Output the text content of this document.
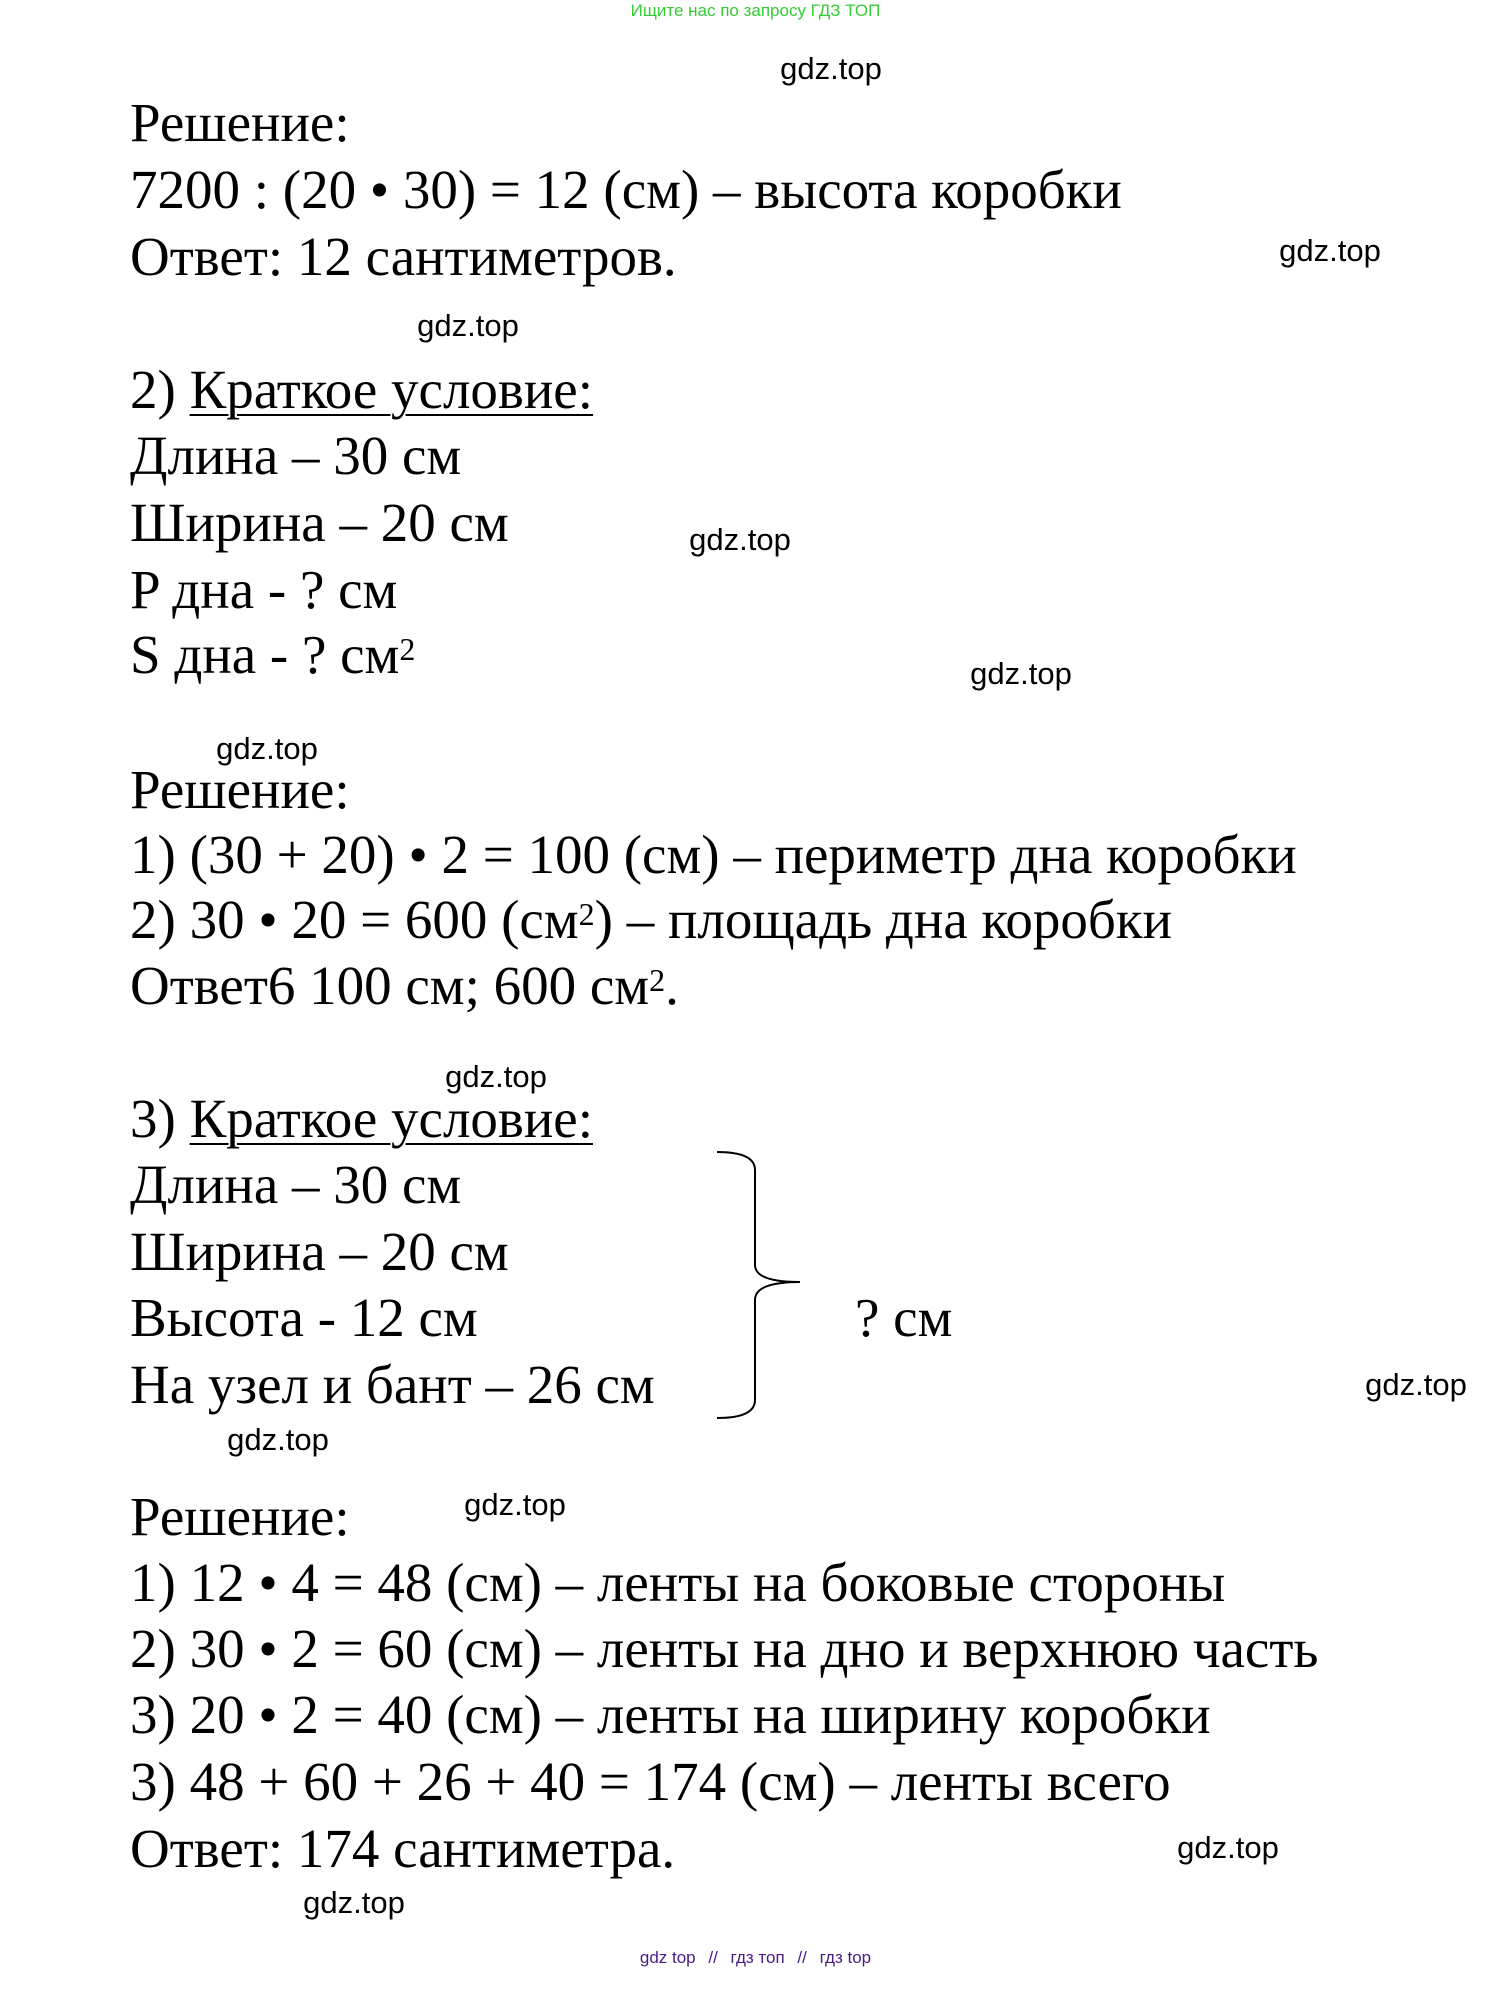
Ищите нас по запросу ГДЗ ТОП
Решение:
7200 : (20 • 30) = 12 (см) – высота коробки
Ответ: 12 сантиметров.
2) Краткое условие:
Длина – 30 см
Ширина – 20 см
P дна - ? см
S дна - ? $см^2$
Решение:
1) (30 + 20) • 2 = 100 (см) – периметр дна коробки
2) 30 • 20 = 600 $(см^2)$ – площадь дна коробки
Ответ6 100 см; 600 $см^2$.
3) Краткое условие:
Длина – 30 см
Ширина – 20 см
Высота - 12 см
На узел и бант – 26 см
Решение:
1) 12 • 4 = 48 (см) – ленты на боковые стороны
2) 30 • 2 = 60 (см) – ленты на дно и верхнюю часть
3) 20 • 2 = 40 (см) – ленты на ширину коробки
3) 48 + 60 + 26 + 40 = 174 (см) – ленты всего
Ответ: 174 сантиметра.
? см
gdz top // гдз топ // гдз top
gdz.top
gdz.top
gdz.top
gdz.top
gdz.top
gdz.top
gdz.top
gdz.top
gdz.top
gdz.top
gdz.top
gdz.top
